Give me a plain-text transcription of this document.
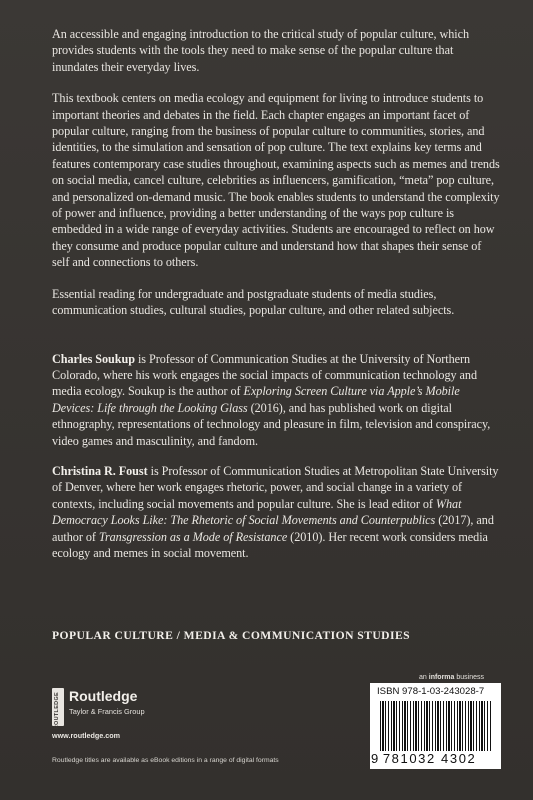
An accessible and engaging introduction to the critical study of popular culture, which provides students with the tools they need to make sense of the popular culture that inundates their everyday lives.

This textbook centers on media ecology and equipment for living to introduce students to important theories and debates in the field. Each chapter engages an important facet of popular culture, ranging from the business of popular culture to communities, stories, and identities, to the simulation and sensation of pop culture. The text explains key terms and features contemporary case studies throughout, examining aspects such as memes and trends on social media, cancel culture, celebrities as influencers, gamification, “meta” pop culture, and personalized on-demand music. The book enables students to understand the complexity of power and influence, providing a better understanding of the ways pop culture is embedded in a wide range of everyday activities. Students are encouraged to reflect on how they consume and produce popular culture and understand how that shapes their sense of self and connections to others.

Essential reading for undergraduate and postgraduate students of media studies, communication studies, cultural studies, popular culture, and other related subjects.

Charles Soukup is Professor of Communication Studies at the University of Northern Colorado, where his work engages the social impacts of communication technology and media ecology. Soukup is the author of Exploring Screen Culture via Apple’s Mobile Devices: Life through the Looking Glass (2016), and has published work on digital ethnography, representations of technology and pleasure in film, television and conspiracy, video games and masculinity, and fandom.

Christina R. Foust is Professor of Communication Studies at Metropolitan State University of Denver, where her work engages rhetoric, power, and social change in a variety of contexts, including social movements and popular culture. She is lead editor of What Democracy Looks Like: The Rhetoric of Social Movements and Counterpublics (2017), and author of Transgression as a Mode of Resistance (2010). Her recent work considers media ecology and memes in social movement.

POPULAR CULTURE / MEDIA & COMMUNICATION STUDIES
an informa business
ROUTLEDGE Routledge
Taylor & Francis Group
www.routledge.com
Routledge titles are available as eBook editions in a range of digital formats
ISBN 978-1-03-243028-7
9 781032 4302
